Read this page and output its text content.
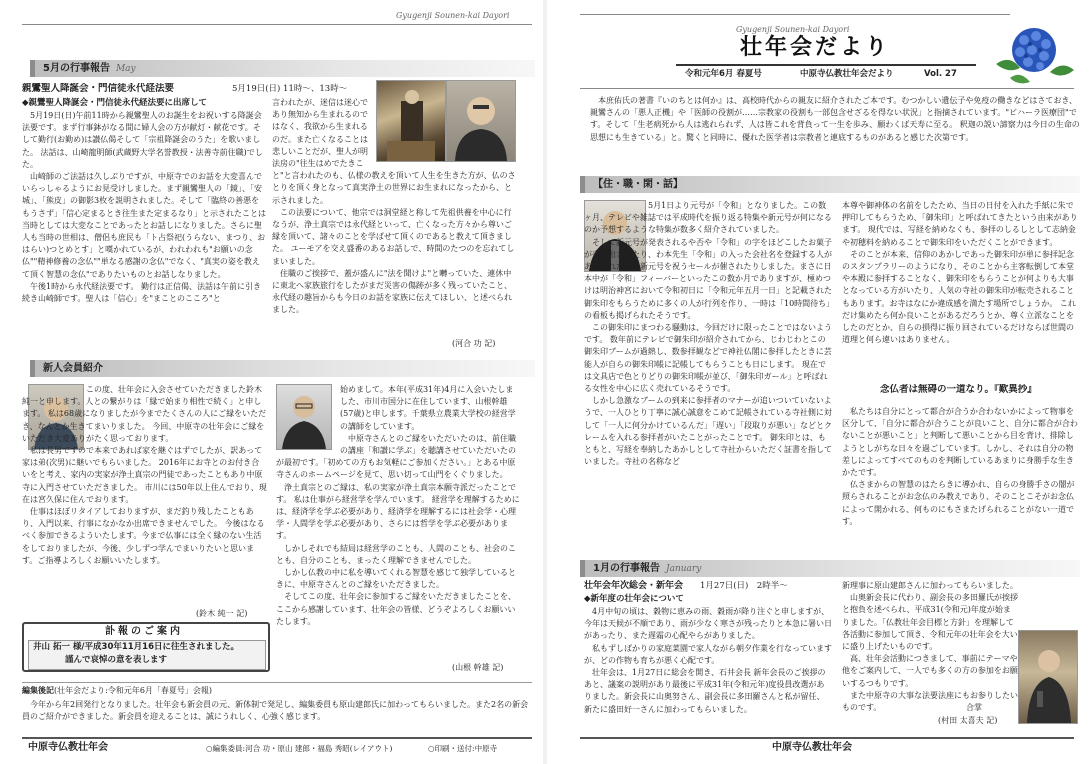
Gyugenji Sounen-kai Dayori
5月の行事報告 May
親鸞聖人降誕会・門信徒永代経法要	5月19日(日) 11時〜、13時〜
◆親鸞聖人降誕会・門信徒永代経法要に出席して
　5月19日(日)午前11時から親鸞聖人のお誕生をお祝いする降誕会法要です。まず行事鉢がなる間に婦人会の方が献灯・献花です。そして勤行(お勤め)は讃仏偈そして「宗祖降誕会のうた」を歌いました。 法話は、山崎龍明師(武蔵野大学名誉教授・法善寺前住職)でした。
　山崎師のご法話は久しぶりですが、中原寺でのお話を大変喜んでいらっしゃるようにお見受けしました。まず親鸞聖人の「鏡」、「安城」、「熊皮」の御影3枚を説明されました。そして「臨終の善悪をもうさず」「信心定まるとき往生また定まるなり」と示されたことは当時としては大変なことであったとお話しになりました。さらに聖人も当時の世相は、僧侶も庶民も「ト占祭祀(うらない、まつり、おはらい)つとめとす」と嘆かれているが、われわれも"お願いの念仏""精神修養の念仏""単なる感謝の念仏"でなく、"真実の姿を教えて頂く智慧の念仏"でありたいものとお話しなりました。
　午後1時から永代経法要です。 勤行は正信偈、法話は午前に引き続き山崎師です。聖人は「信心」を"まことのこころ"と
言われたが、迷信は迷心であり無知から生まれるのではなく、我欲から生まれるのだ。また亡くなることは悲しいことだが、聖人が明法房の"往生はめでたきこと"と言われたのも、仏様の教えを頂いて人生を生きた方が、仏のさとりを頂く身となって真実浄土の世界にお生まれになったから、と示されました。
　この法要について、他宗では洞堂経と称して先祖供養を中心に行なうが、浄土真宗では永代経といって、亡くなった方々から尊いご縁を頂いて、諸々のことを学ばせて頂くのであると教えて頂きました。 ユーモアを交え盛番のあるお話しで、時間のたつのを忘れてしまいました。
　住職のご挨拶で、蓋が盛んに"法を聞けよ"と囀っていた、連休中に東北へ家族旅行をしたがまだ災害の傷跡が多く残っていたこと、永代経の趣旨からも今日のお話を家族に伝えてほしい、と述べられました。
(河合 功 記)
新人会員紹介
　　　　　　　　この度、壮年会に入会させていただきました鈴木純一と申します。人との繋がりは「縁で始まり相性で続く」と申します。 私は68歳になりましたが今までたくさんの人にご縁をいただき、なんとか生きてまいりました。 今回、中原寺の壮年会にご縁をいただき大変ありがたく思っております。
　私は長男ですので本来であれば家を継ぐはずでしたが、訳あって家は弟(次男)に継いでもらいました。 2016年にお寺とのお付き合いをと考え、家内の実家が浄土真宗の門徒であったこともあり中原寺に入門させていただきました。 市川には50年以上住んでおり、現在は宮久保に住んでおります。
　仕事はほぼリタイアしておりますが、まだ釣り残したこともあり、入門以来、行事になかなか出席できませんでした。 今後はなるべく参加できるよういたします。今まで仏事には全く縁のない生活をしておりましたが、今後、少しずつ学んでまいりたいと思います。ご指導よろしくお願いいたします。
(鈴木 純一 記)
始めまして。本年(平成31年)4月に入会いたしました、市川市国分に在住しています、山根幹雄(57歳)と申します。千葉県立農業大学校の経営学の講師をしています。
　中原寺さんとのご縁をいただいたのは、前住職の講座「和讃に学ぶ」を聴講させていただいたのが最初です。「初めての方もお気軽にご参加ください。」とある中原寺さんのホームページを見て、思い切って山門をくぐりました。
　浄土真宗とのご縁は、私の実家が浄土真宗本願寺派だったことです。 私は仕事がら経営学を学んでいます。 経営学を理解するためには、経済学を学ぶ必要があり、経済学を理解するには社会学・心理学・人間学を学ぶ必要があり、さらには哲学を学ぶ必要があります。
　しかしそれでも結局は経営学のことも、人間のことも、社会のことも、自分のことも、まったく理解できませんでした。
　しかし仏教の中に私を導いてくれる智慧を感じて独学しているときに、中原寺さんとのご縁をいただきました。
　そしてこの度、壮年会に参加するご縁をいただきましたことを、ここから感謝しています、壮年会の皆様、どうぞよろしくお願いいたします。
(山根 幹雄 記)
訃報のご案内
井山 拓一 様/平成30年11月16日に往生されました。
謹んで哀悼の意を表します
編集後記(壮年会だより:令和元年6月「春夏号」会報)
　今年から年2回発行となりました。壮年会も新会員の元、新体制で発足し、編集委員も原山建郎氏に加わってもらいました。また2名の新会員のご紹介ができました。新会員を迎えることは、誠にうれしく、心強く感じます。
中原寺仏教壮年会	○編集委員:河合 功・原山 建郎・福島 秀昭(レイアウト)	○印刷・送付:中原寺
Gyugenji Sounen-kai Dayori
壮年会だより
令和元年6月 春夏号	中原寺仏教壮年会だより	Vol. 27
　本庶佑氏の著書『いのちとは何か』は、高校時代からの親友に紹介されたご本です。むつかしい遺伝子や免疫の働きなどはさておき、親鸞さんの「悪人正機」や「医師の役割が……宗教家の役割も一部包含せざるを得ない状況」と指摘されています。"ビハーラ医療団"です。そして「生老病死から人は逃れられず、人は皆これを背負って一生を歩み、願わくば天寿に至る。 釈迦の説い諦察力は今日の生命の思想にも生きている」と。驚くと同時に、優れた医学者は宗教者と連底するものがあると感じた次第です。
【住・職・閑・話】
　　　　　　　　5月1日より元号が「令和」となりました。この数ヶ月、テレビや雑誌では平成時代を振り返る特集や新元号が何になるのか予想するような特集が数多く紹介されていました。
　そして新元号が発表されるや否や「令和」の字をほどこしたお菓子が売り出されたり、わ本先生「令和」の入った会社名を登録する人があらわれたり、新元号を祝うセールが催されたりしました。まさに日本中が「令和」フィーバーといったこの数か月でありますが、極めつけは明治神宮において令和初日に「令和元年五月一日」と記載された御朱印をもらうために多くの人が行列を作り、一時は「10時間待ち」の看板も掲げられたそうです。
　この御朱印にまつわる騒動は、今回だけに限ったことではないようです。 数年前にテレビで御朱印が紹介されてから、じわじわとこの御朱印ブームが過熱し、数参拝観などで神社仏閣に参拝したときに芸能人が自らの御朱印帳に記帳してもらうことも日にします。 現在では文具店で色とりどりの御朱印帳が並び、「御朱印ガール」と呼ばれる女性を中心に広く売れているそうです。
　しかし急激なブームの到来に参拝者のマナーが追いついていないようで、一人ひとり丁寧に誠心誠意をこめて記帳されている寺社側に対して「一人に何分かけているんだ」「遅い」「段取りが悪い」などとクレームを入れる参拝者がいたことがったことです。 御朱印とは、もともと、写経を奉納したあかしとして寺社からいただく証書を指していました。寺社の名称など
本尊や御神体の名前をしたため、当日の日付を入れた手紙に朱で押印してもらうため、「御朱印」と呼ばれてきたという由来があります。 現代では、写経を納めなくも、参拝のしるしとして志納金や初穂料を納めることで御朱印をいただくことができます。
　そのことが本来、信仰のあかしであった御朱印が単に参拝記念のスタンプラリーのようになり、そのことから主客転倒して本堂や本殿に参拝することなく、御朱印をもらうことが何よりも大事となっている方がいたり、人気の寺社の御朱印が転売されることもあります。お寺はなにか違成感を満たす場所でしょうか。 これだけ集めたら何か良いことがあるだろうとか、尊く立派なことをしたのだとか、自らの損得に振り回されているだけならば世間の道理と何ら違いはありません。
念仏者は無碍の一道なり。『歎異抄』
　私たちは自分にとって都合が合うか合わないかによって物事を区分して、「自分に都合が合うことが良いこと、自分に都合が合わないことが悪いこと」と判断して悪いことから目を背け、排除しようとしがちな日々を過ごしています。しかし、それは自分の物差しによってすべてのものを判断しているあまりに身勝手な生きかたです。
　仏さまからの智慧のはたらきに導かれ、自らの身勝手さの闇が照らされることがお念仏のみ教えであり、そのことこそがお念仏によって開かれる、何ものにもさまたげられることがない一道です。
1月の行事報告 January
壮年会年次総会・新年会	1月27日(日)　2時半〜
◆新年度の壮年会について
　4月中旬の頃は、穀物に恵みの雨、穀雨が降り注ぐと申しますが、今年は天候が不順であり、雨が少なく寒さが残ったりと本急に暑い日があったり、また遅霜の心配やらがありました。
　私もずしばかりの家庭菜園で家人ながら朝夕作業を行なっていますが、どの作物も育ちが悪く心配です。
　壮年会は、1月27日に総会を開き、石井会長 新年会長のご挨拶のあと、議案の説明があり最後に平成31年(令和元年)度役員改選がありました。新会長に山奥努さん、副会長に多田羅さんと私が留任、新たに盛田好一さんに加わってもらいました。
新理事に原山建郎さんに加わってもらいました。
　山奥新会長に代わり、副会長の多田羅氏が挨拶と抱負を述べられ、平成31(令和元)年度が始まりました。「仏教壮年会目標と方針」を理解して各活動に参加して頂き、令和元年の壮年会を大いに盛り上げたいものです。
　高、壮年会活動につきまして、事前にテーマや他をご案内して、一人でも多くの方の参加をお願いするつもりです。
　また中原寺の大事な法要法座にもお参りしたいものです。	合掌
(村田 太喜夫 記)
中原寺仏教壮年会
